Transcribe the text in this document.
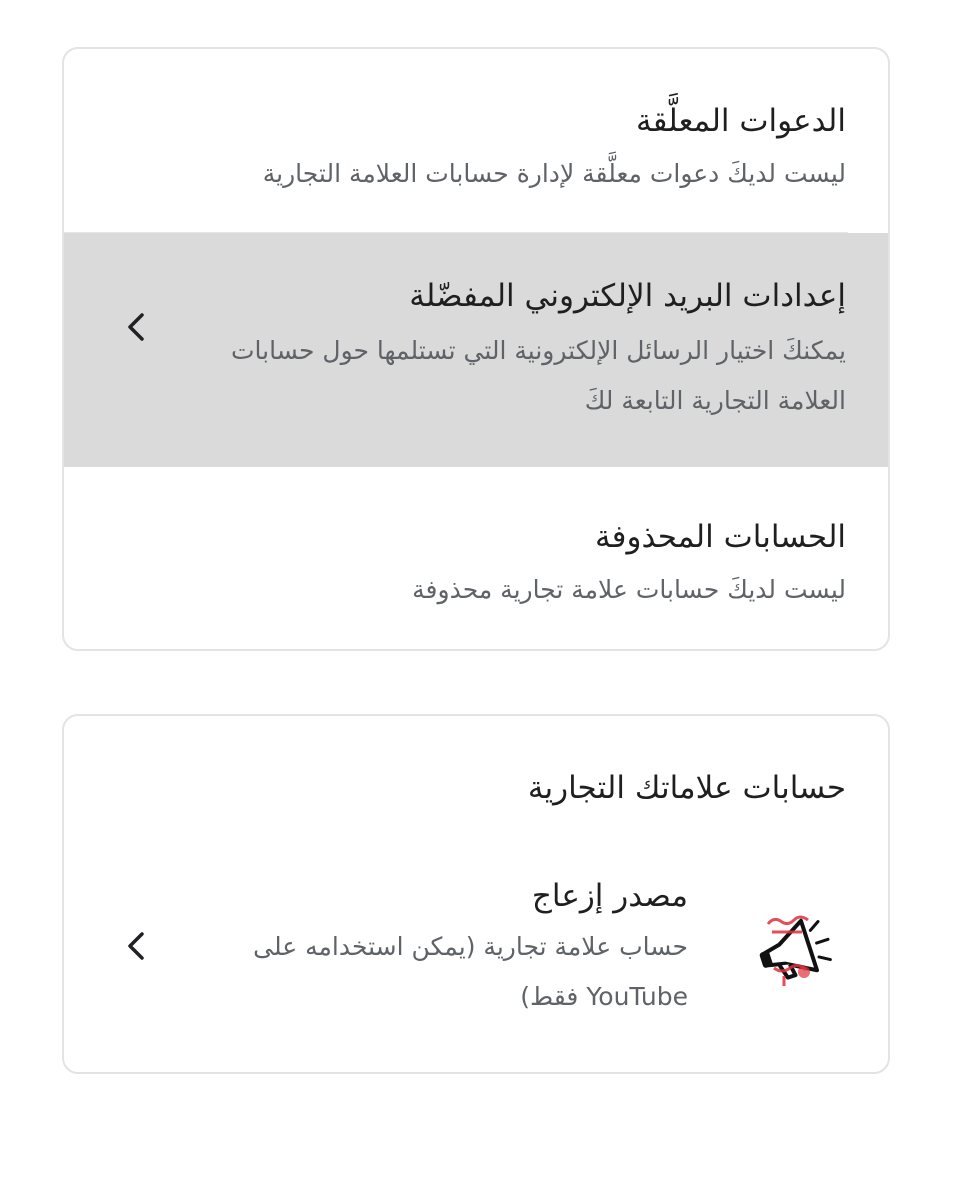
الدعوات المعلَّقة
ليست لديكَ دعوات معلَّقة لإدارة حسابات العلامة التجارية
إعدادات البريد الإلكتروني المفضّلة
يمكنكَ اختيار الرسائل الإلكترونية التي تستلمها حول حسابات العلامة التجارية التابعة لكَ
الحسابات المحذوفة
ليست لديكَ حسابات علامة تجارية محذوفة
حسابات علاماتك التجارية
مصدر إزعاج
حساب علامة تجارية (يمكن استخدامه على YouTube فقط)
